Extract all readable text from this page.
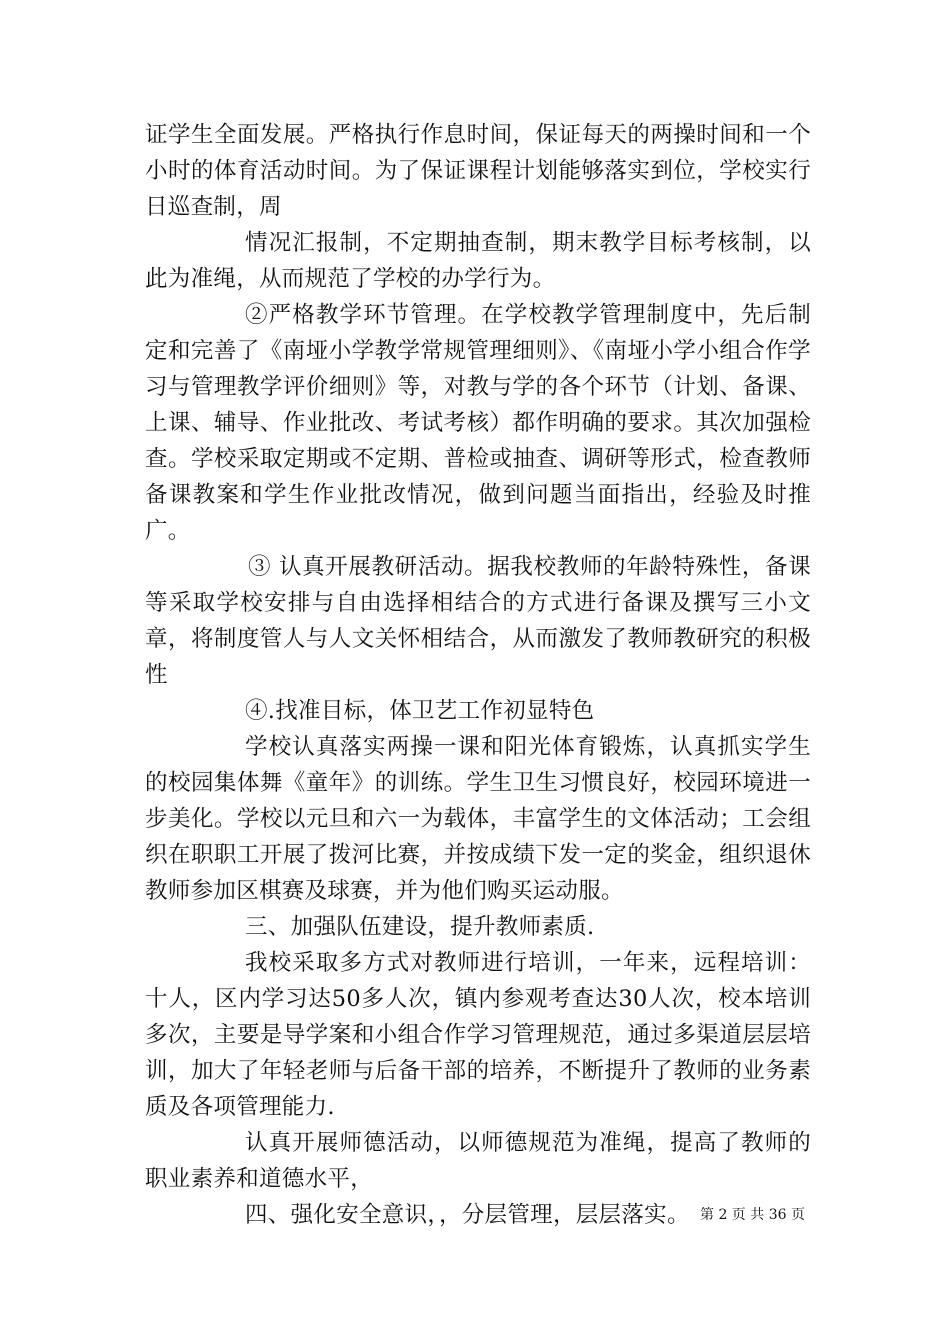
证学生全面发展。严格执行作息时间，保证每天的两操时间和一个小时的体育活动时间。为了保证课程计划能够落实到位，学校实行日巡查制，周

情况汇报制，不定期抽查制，期末教学目标考核制，以此为准绳，从而规范了学校的办学行为。

②严格教学环节管理。在学校教学管理制度中，先后制定和完善了《南垭小学教学常规管理细则》、《南垭小学小组合作学习与管理教学评价细则》等，对教与学的各个环节（计划、备课、上课、辅导、作业批改、考试考核）都作明确的要求。其次加强检查。学校采取定期或不定期、普检或抽查、调研等形式，检查教师备课教案和学生作业批改情况，做到问题当面指出，经验及时推广。

③ 认真开展教研活动。据我校教师的年龄特殊性，备课等采取学校安排与自由选择相结合的方式进行备课及撰写三小文章，将制度管人与人文关怀相结合，从而激发了教师教研究的积极性

④.找准目标，体卫艺工作初显特色

学校认真落实两操一课和阳光体育锻炼，认真抓实学生的校园集体舞《童年》的训练。学生卫生习惯良好，校园环境进一步美化。学校以元旦和六一为载体，丰富学生的文体活动；工会组织在职职工开展了拨河比赛，并按成绩下发一定的奖金，组织退休教师参加区棋赛及球赛，并为他们购买运动服。

三、加强队伍建设，提升教师素质.

我校采取多方式对教师进行培训，一年来，远程培训：十人，区内学习达50多人次，镇内参观考查达30人次，校本培训多次，主要是导学案和小组合作学习管理规范，通过多渠道层层培训，加大了年轻老师与后备干部的培养，不断提升了教师的业务素质及各项管理能力.

认真开展师德活动，以师德规范为准绳，提高了教师的职业素养和道德水平，

四、强化安全意识，，分层管理，层层落实。 第 2 页 共 36 页
